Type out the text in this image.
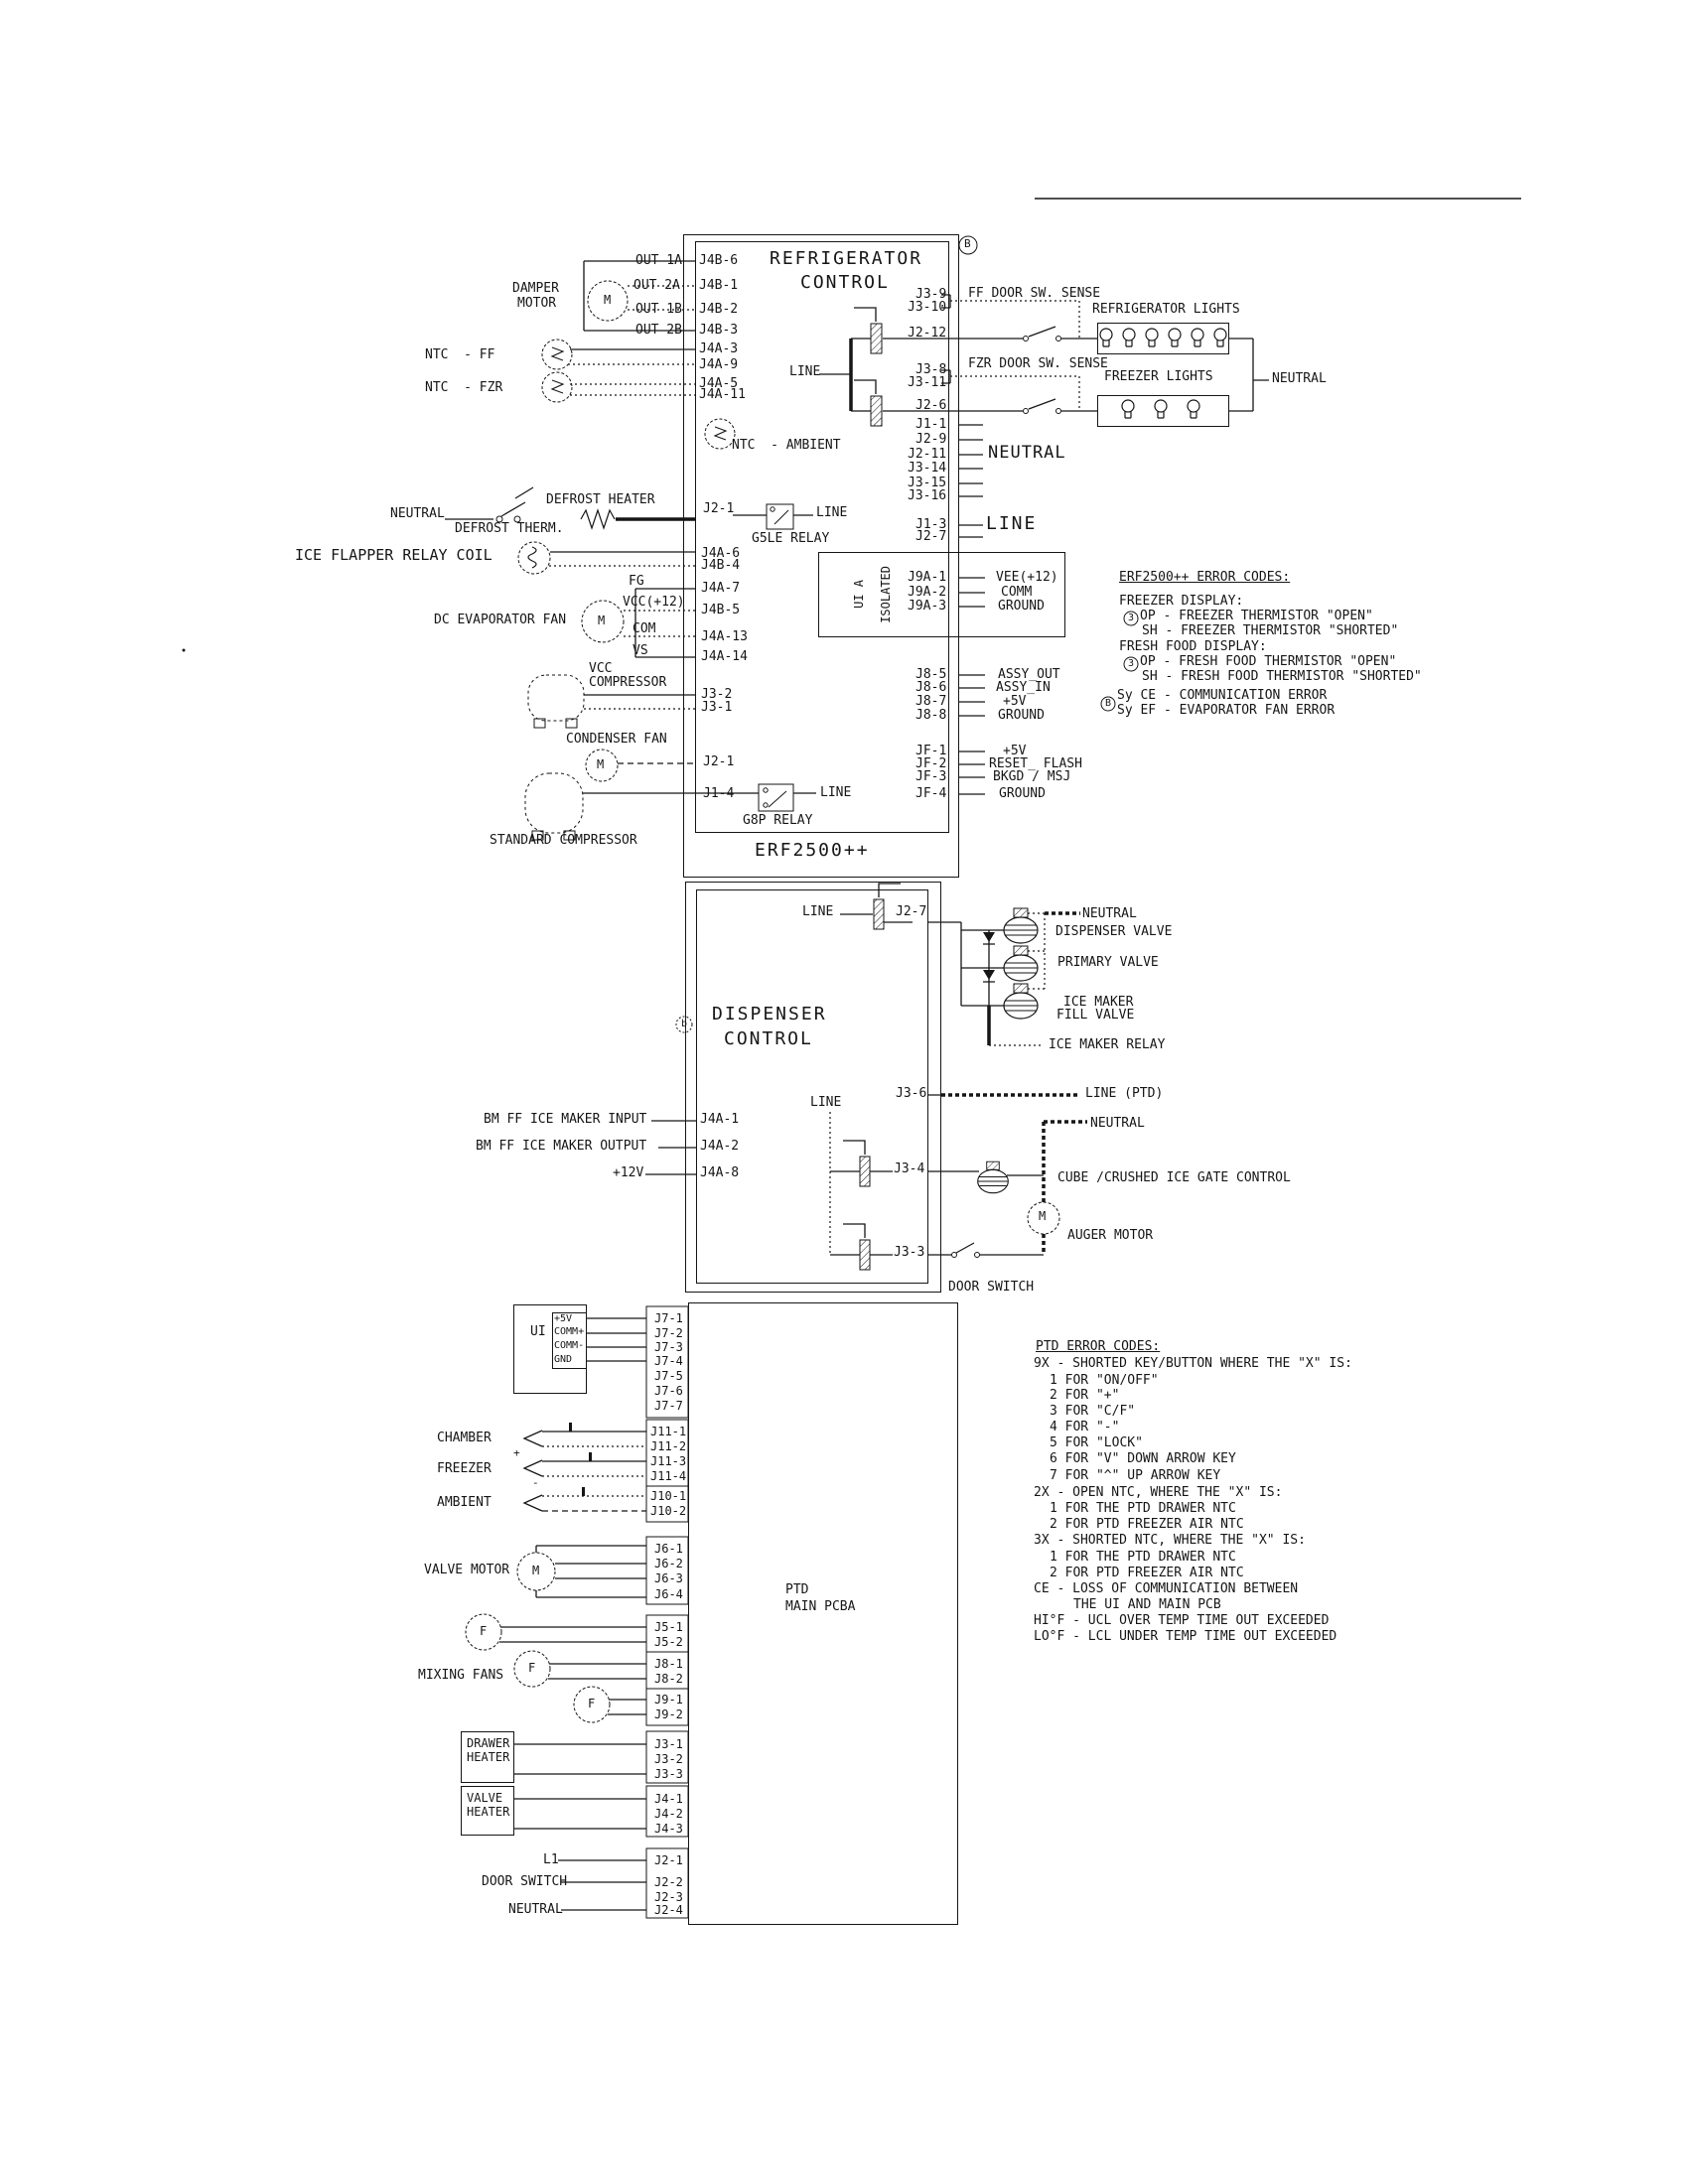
REFRIGERATOR
CONTROL
B
DAMPER
MOTOR	M
OUT 1A
OUT 2A
OUT 1B
OUT 2B
NTC  - FF
NTC  - FZR
NTC  - AMBIENT
NEUTRAL
DEFROST THERM.
DEFROST HEATER
ICE FLAPPER RELAY COIL
DC EVAPORATOR FAN	M
FG
VCC(+12)
COM
VS
VCC
COMPRESSOR
CONDENSER FAN
M
STANDARD COMPRESSOR
LINE
G5LE RELAY
LINE
G8P RELAY
LINE
J4B-6
J4B-1
J4B-2
J4B-3
J4A-3
J4A-9
J4A-5
J4A-11
J2-1
J4A-6
J4B-4
J4A-7
J4B-5
J4A-13
J4A-14
J3-2
J3-1
J2-1
J1-4
J3-9
J3-10
J2-12
J3-8
J3-11
J2-6
J1-1
J2-9
J2-11
J3-14
J3-15
J3-16
J1-3
J2-7
J9A-1
J9A-2
J9A-3
J8-5
J8-6
J8-7
J8-8
JF-1
JF-2
JF-3
JF-4
FF DOOR SW. SENSE
FZR DOOR SW. SENSE
REFRIGERATOR LIGHTS
FREEZER LIGHTS	NEUTRAL
NEUTRAL
LINE
UI A ISOLATED	VEE(+12)
COMM
GROUND
ASSY_OUT
ASSY_IN
+5V
GROUND
+5V
RESET_ FLASH
BKGD / MSJ
GROUND
ERF2500++ ERROR CODES:
FREEZER DISPLAY:
OP - FREEZER THERMISTOR "OPEN"
SH - FREEZER THERMISTOR "SHORTED"
FRESH FOOD DISPLAY:
OP - FRESH FOOD THERMISTOR "OPEN"
SH - FRESH FOOD THERMISTOR "SHORTED"
Sy CE - COMMUNICATION ERROR
Sy EF - EVAPORATOR FAN ERROR
3
3
B
ERF2500++
DISPENSER
CONTROL
b
LINE	J2-7
J3-6
J3-4
J3-3
LINE
J4A-1
J4A-2
J4A-8
BM FF ICE MAKER INPUT
BM FF ICE MAKER OUTPUT
+12V
NEUTRAL
DISPENSER VALVE
PRIMARY VALVE
ICE MAKER
FILL VALVE
ICE MAKER RELAY
LINE (PTD)
NEUTRAL
CUBE /CRUSHED ICE GATE CONTROL
AUGER MOTOR
M
DOOR SWITCH
PTD
MAIN PCBA
UI
+5V
COMM+
COMM-
GND
CHAMBER
FREEZER
AMBIENT
+
-
VALVE MOTOR M
MIXING FANS
F
F
F
DRAWER
HEATER
VALVE
HEATER
L1
DOOR SWITCH
NEUTRAL
J7-1
J7-2
J7-3
J7-4
J7-5
J7-6
J7-7
J11-1
J11-2
J11-3
J11-4
J10-1
J10-2
J6-1
J6-2
J6-3
J6-4
J5-1
J5-2
J8-1
J8-2
J9-1
J9-2
J3-1
J3-2
J3-3
J4-1
J4-2
J4-3
J2-1
J2-2
J2-3
J2-4
PTD ERROR CODES:
9X - SHORTED KEY/BUTTON WHERE THE "X" IS:
1 FOR "ON/OFF"
2 FOR "+"
3 FOR "C/F"
4 FOR "-"
5 FOR "LOCK"
6 FOR "V" DOWN ARROW KEY
7 FOR "^" UP ARROW KEY
2X - OPEN NTC, WHERE THE "X" IS:
1 FOR THE PTD DRAWER NTC
2 FOR PTD FREEZER AIR NTC
3X - SHORTED NTC, WHERE THE "X" IS:
1 FOR THE PTD DRAWER NTC
2 FOR PTD FREEZER AIR NTC
CE - LOSS OF COMMUNICATION BETWEEN
THE UI AND MAIN PCB
HI°F - UCL OVER TEMP TIME OUT EXCEEDED
LO°F - LCL UNDER TEMP TIME OUT EXCEEDED
